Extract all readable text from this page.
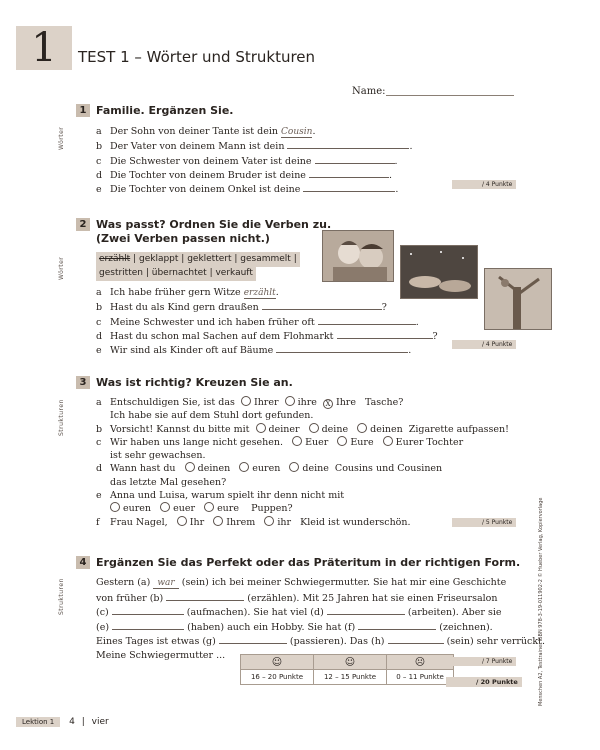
1	TEST 1 – Wörter und Strukturen
Name:
Wörter
1 Familie. Ergänzen Sie.
a Der Sohn von deiner Tante ist dein Cousin.
b Der Vater von deinem Mann ist dein	.
c Die Schwester von deinem Vater ist deine	.
d Die Tochter von deinem Bruder ist deine	.
e Die Tochter von deinem Onkel ist deine	.	/ 4 Punkte
Wörter
2 Was passt? Ordnen Sie die Verben zu.
(Zwei Verben passen nicht.)
erzählt | geklappt | geklettert | gesammelt |
gestritten | übernachtet | verkauft
a Ich habe früher gern Witze erzählt.
b Hast du als Kind gern draußen	?
c Meine Schwester und ich haben früher oft	.
d Hast du schon mal Sachen auf dem Flohmarkt	?
e Wir sind als Kinder oft auf Bäume	.
/ 4 Punkte
Strukturen
3 Was ist richtig? Kreuzen Sie an.
a Entschuldigen Sie, ist das Ihrer ihre X Ihre Tasche?
Ich habe sie auf dem Stuhl dort gefunden.
b Vorsicht! Kannst du bitte mit deiner deine deinen Zigarette aufpassen!
c Wir haben uns lange nicht gesehen. Euer Eure Eurer Tochter
ist sehr gewachsen.
d Wann hast du deinen euren deine Cousins und Cousinen
das letzte Mal gesehen?
e Anna und Luisa, warum spielt ihr denn nicht mit
euren euer eure Puppen?
f Frau Nagel, Ihr Ihrem ihr Kleid ist wunderschön.	/ 5 Punkte
Strukturen
4 Ergänzen Sie das Perfekt oder das Präteritum in der richtigen Form.
Gestern (a) war (sein) ich bei meiner Schwiegermutter. Sie hat mir eine Geschichte
von früher (b)	(erzählen). Mit 25 Jahren hat sie einen Friseursalon
(c)	(aufmachen). Sie hat viel (d)	(arbeiten). Aber sie
(e)	(haben) auch ein Hobby. Sie hat (f)	(zeichnen).
Eines Tages ist etwas (g)	(passieren). Das (h)	(sein) sehr verrückt.
Meine Schwiegermutter ...
☺	☺	☹
16 – 20 Punkte	12 – 15 Punkte	0 – 11 Punkte
/ 7 Punkte
/ 20 Punkte	Menschen A2, Testtrainer ISBN 978-3-19-011902-2 © Hueber Verlag, Kopiervorlage
Lektion 1 4 | vier
